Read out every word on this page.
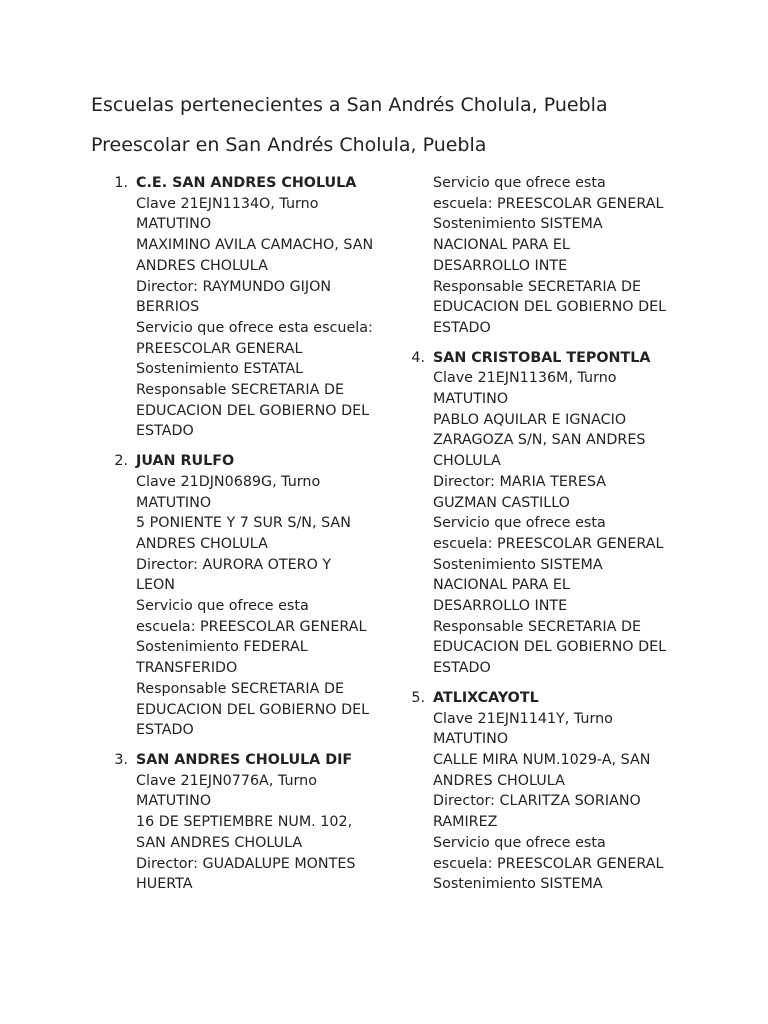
Escuelas pertenecientes a San Andrés Cholula, Puebla
Preescolar en San Andrés Cholula, Puebla
1. C.E. SAN ANDRES CHOLULA
Clave 21EJN1134O, Turno
MATUTINO
MAXIMINO AVILA CAMACHO, SAN
ANDRES CHOLULA
Director: RAYMUNDO GIJON
BERRIOS
Servicio que ofrece esta escuela:
PREESCOLAR GENERAL
Sostenimiento ESTATAL
Responsable SECRETARIA DE
EDUCACION DEL GOBIERNO DEL
ESTADO
2. JUAN RULFO
Clave 21DJN0689G, Turno
MATUTINO
5 PONIENTE Y 7 SUR S/N, SAN
ANDRES CHOLULA
Director: AURORA OTERO Y
LEON
Servicio que ofrece esta
escuela: PREESCOLAR GENERAL
Sostenimiento FEDERAL
TRANSFERIDO
Responsable SECRETARIA DE
EDUCACION DEL GOBIERNO DEL
ESTADO
3. SAN ANDRES CHOLULA DIF
Clave 21EJN0776A, Turno
MATUTINO
16 DE SEPTIEMBRE NUM. 102,
SAN ANDRES CHOLULA
Director: GUADALUPE MONTES
HUERTA
Servicio que ofrece esta
escuela: PREESCOLAR GENERAL
Sostenimiento SISTEMA
NACIONAL PARA EL
DESARROLLO INTE
Responsable SECRETARIA DE
EDUCACION DEL GOBIERNO DEL
ESTADO
4. SAN CRISTOBAL TEPONTLA
Clave 21EJN1136M, Turno
MATUTINO
PABLO AQUILAR E IGNACIO
ZARAGOZA S/N, SAN ANDRES
CHOLULA
Director: MARIA TERESA
GUZMAN CASTILLO
Servicio que ofrece esta
escuela: PREESCOLAR GENERAL
Sostenimiento SISTEMA
NACIONAL PARA EL
DESARROLLO INTE
Responsable SECRETARIA DE
EDUCACION DEL GOBIERNO DEL
ESTADO
5. ATLIXCAYOTL
Clave 21EJN1141Y, Turno
MATUTINO
CALLE MIRA NUM.1029-A, SAN
ANDRES CHOLULA
Director: CLARITZA SORIANO
RAMIREZ
Servicio que ofrece esta
escuela: PREESCOLAR GENERAL
Sostenimiento SISTEMA
